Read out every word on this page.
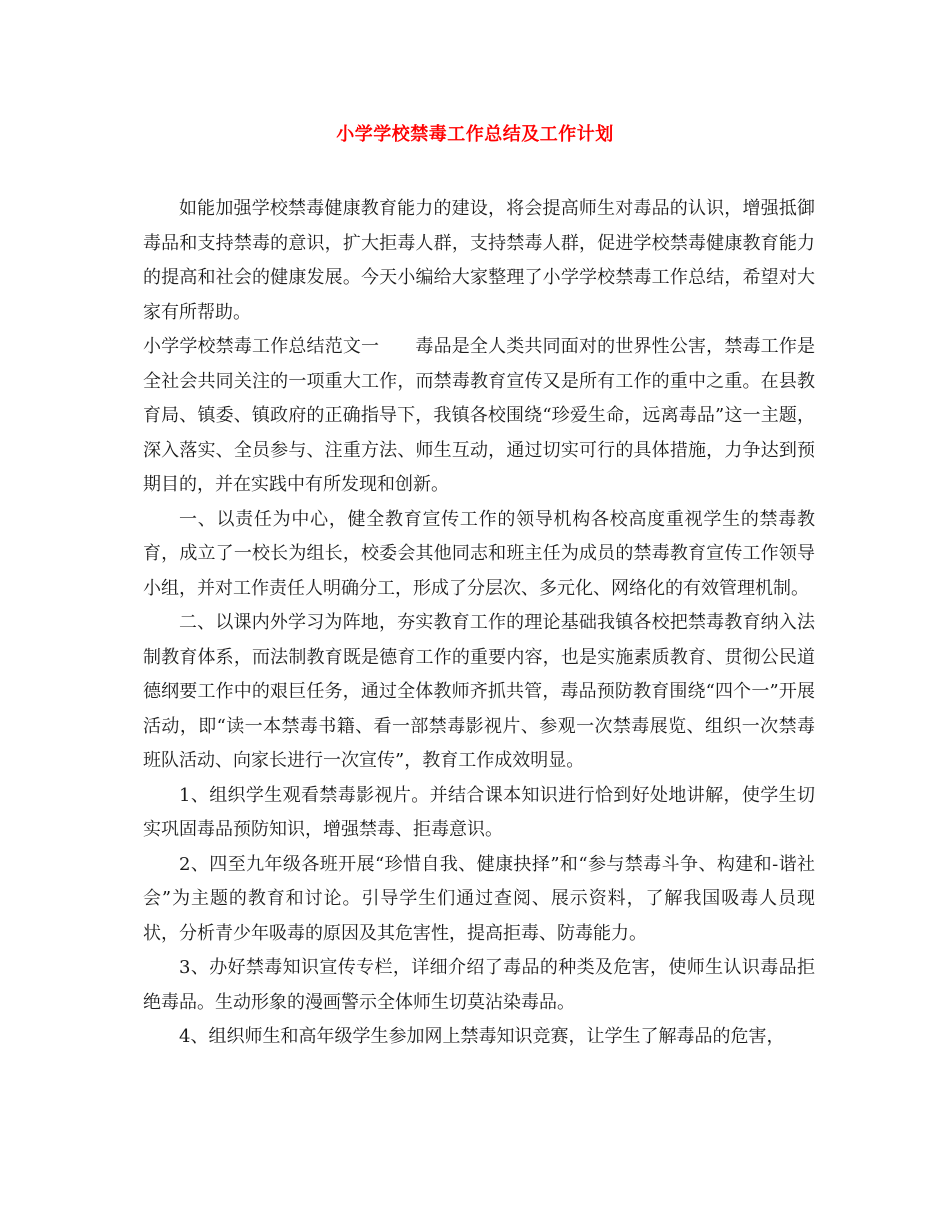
小学学校禁毒工作总结及工作计划

如能加强学校禁毒健康教育能力的建设，将会提高师生对毒品的认识，增强抵御毒品和支持禁毒的意识，扩大拒毒人群，支持禁毒人群，促进学校禁毒健康教育能力的提高和社会的健康发展。今天小编给大家整理了小学学校禁毒工作总结，希望对大家有所帮助。

小学学校禁毒工作总结范文一 毒品是全人类共同面对的世界性公害，禁毒工作是全社会共同关注的一项重大工作，而禁毒教育宣传又是所有工作的重中之重。在县教育局、镇委、镇政府的正确指导下，我镇各校围绕“珍爱生命，远离毒品”这一主题，深入落实、全员参与、注重方法、师生互动，通过切实可行的具体措施，力争达到预期目的，并在实践中有所发现和创新。

一、以责任为中心，健全教育宣传工作的领导机构各校高度重视学生的禁毒教育，成立了一校长为组长，校委会其他同志和班主任为成员的禁毒教育宣传工作领导小组，并对工作责任人明确分工，形成了分层次、多元化、网络化的有效管理机制。

二、以课内外学习为阵地，夯实教育工作的理论基础我镇各校把禁毒教育纳入法制教育体系，而法制教育既是德育工作的重要内容，也是实施素质教育、贯彻公民道德纲要工作中的艰巨任务，通过全体教师齐抓共管，毒品预防教育围绕“四个一”开展活动，即“读一本禁毒书籍、看一部禁毒影视片、参观一次禁毒展览、组织一次禁毒班队活动、向家长进行一次宣传”，教育工作成效明显。

1、组织学生观看禁毒影视片。并结合课本知识进行恰到好处地讲解，使学生切实巩固毒品预防知识，增强禁毒、拒毒意识。

2、四至九年级各班开展“珍惜自我、健康抉择”和“参与禁毒斗争、构建和-谐社会”为主题的教育和讨论。引导学生们通过查阅、展示资料，了解我国吸毒人员现状，分析青少年吸毒的原因及其危害性，提高拒毒、防毒能力。

3、办好禁毒知识宣传专栏，详细介绍了毒品的种类及危害，使师生认识毒品拒绝毒品。生动形象的漫画警示全体师生切莫沾染毒品。

4、组织师生和高年级学生参加网上禁毒知识竞赛，让学生了解毒品的危害，
